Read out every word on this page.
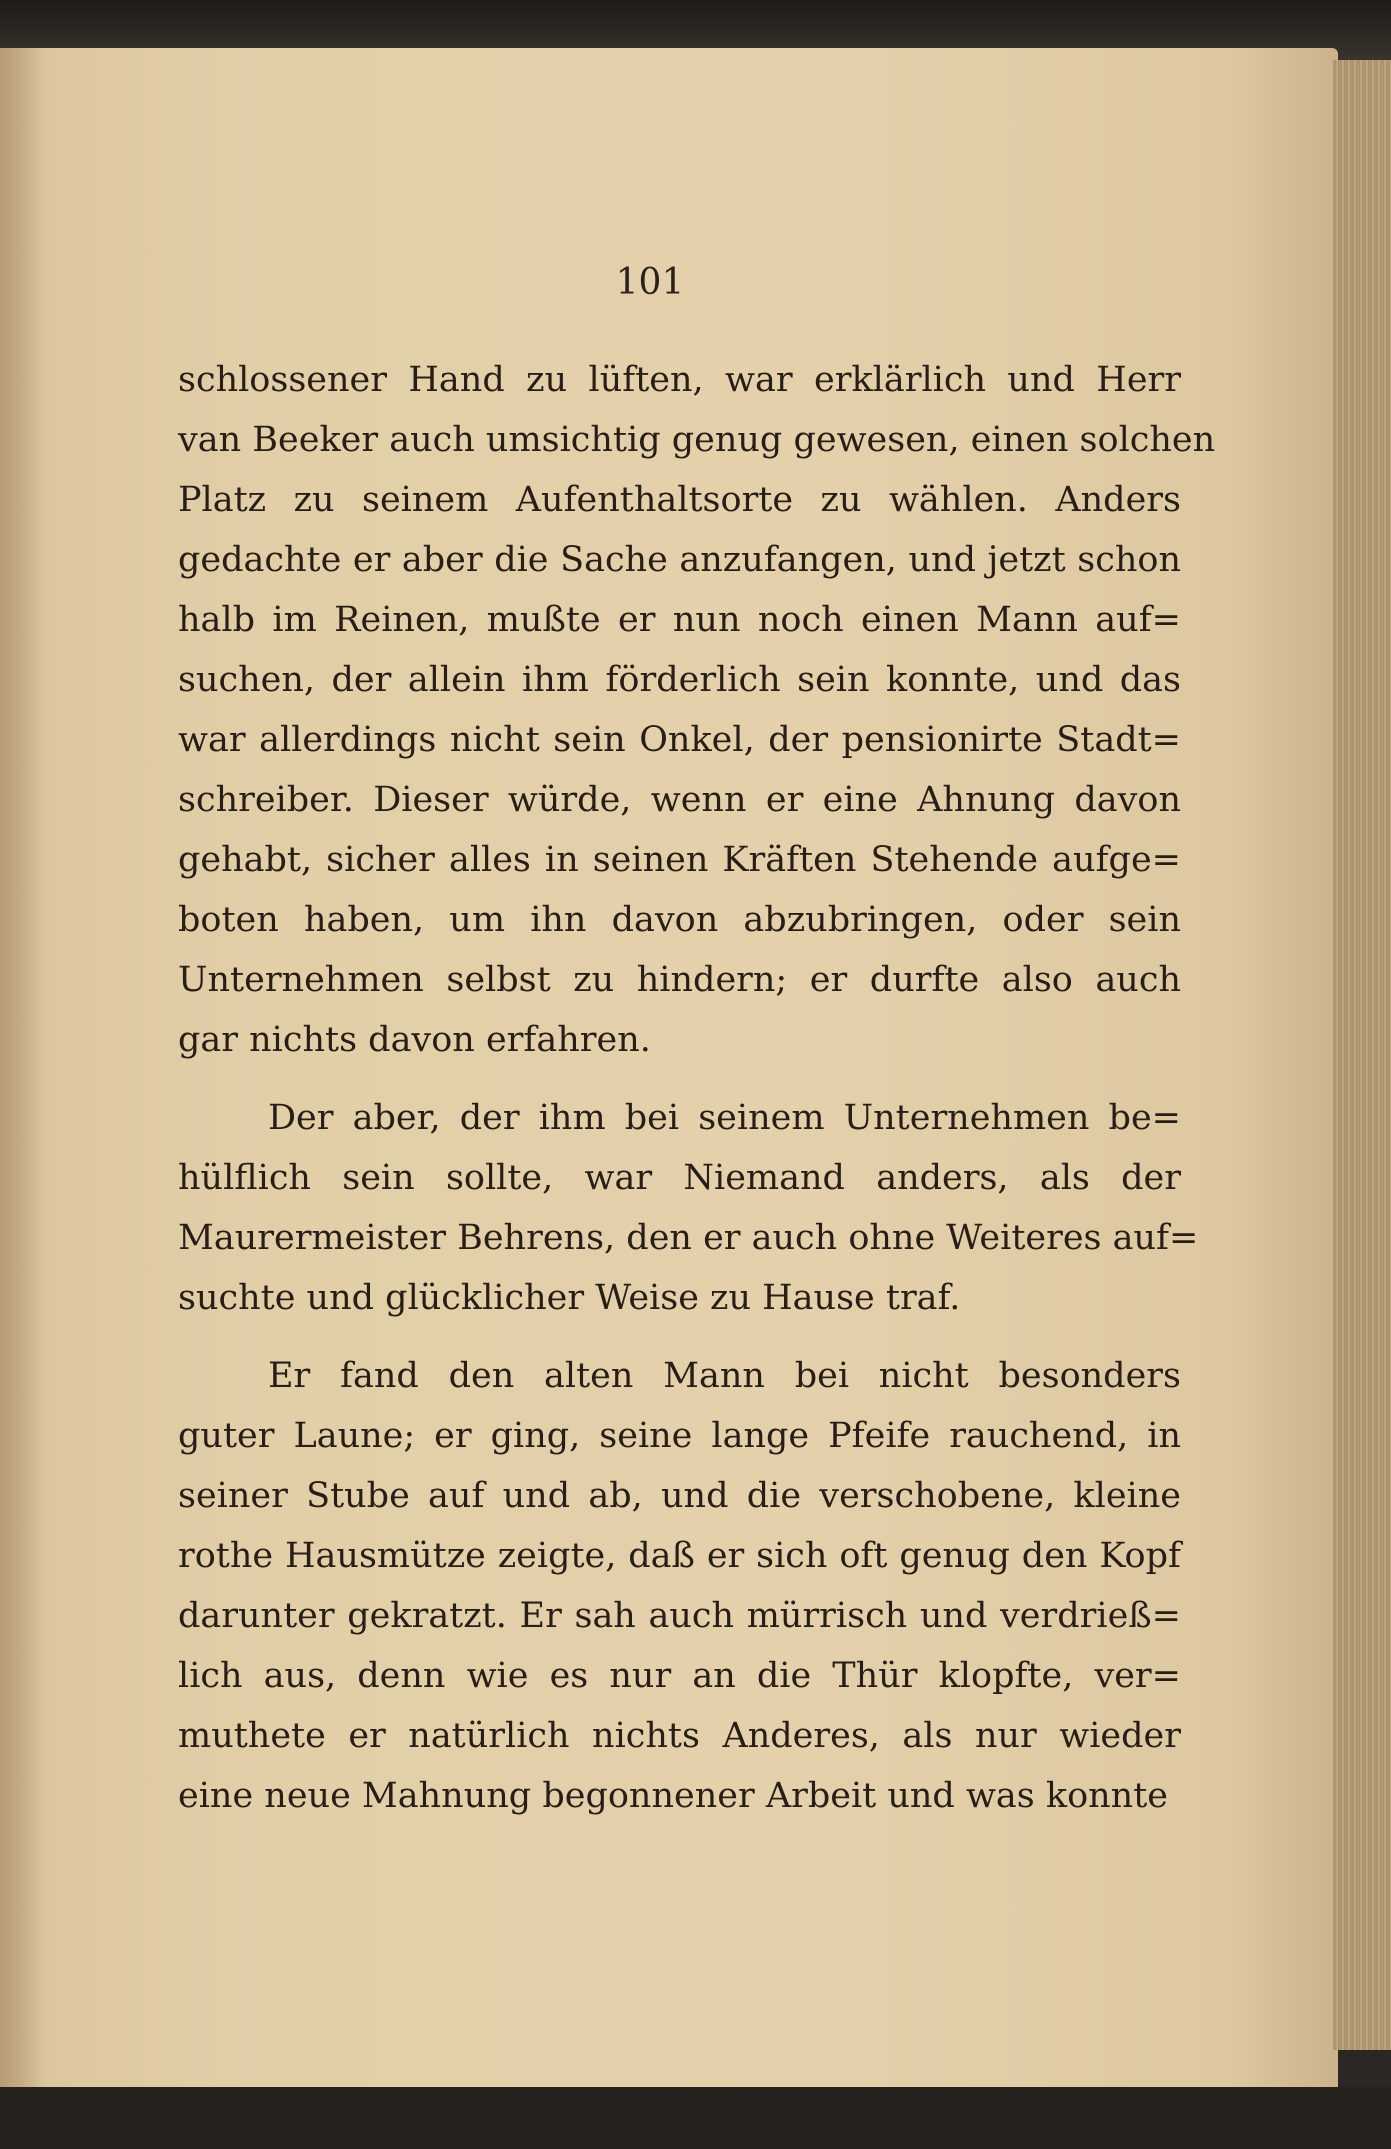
101
schlossener Hand zu lüften, war erklärlich und Herr
van Beeker auch umsichtig genug gewesen, einen solchen
Platz zu seinem Aufenthaltsorte zu wählen. Anders
gedachte er aber die Sache anzufangen, und jetzt schon
halb im Reinen, mußte er nun noch einen Mann auf=
suchen, der allein ihm förderlich sein konnte, und das
war allerdings nicht sein Onkel, der pensionirte Stadt=
schreiber. Dieser würde, wenn er eine Ahnung davon
gehabt, sicher alles in seinen Kräften Stehende aufge=
boten haben, um ihn davon abzubringen, oder sein
Unternehmen selbst zu hindern; er durfte also auch
gar nichts davon erfahren.
Der aber, der ihm bei seinem Unternehmen be=
hülflich sein sollte, war Niemand anders, als der
Maurermeister Behrens, den er auch ohne Weiteres auf=
suchte und glücklicher Weise zu Hause traf.
Er fand den alten Mann bei nicht besonders
guter Laune; er ging, seine lange Pfeife rauchend, in
seiner Stube auf und ab, und die verschobene, kleine
rothe Hausmütze zeigte, daß er sich oft genug den Kopf
darunter gekratzt. Er sah auch mürrisch und verdrieß=
lich aus, denn wie es nur an die Thür klopfte, ver=
muthete er natürlich nichts Anderes, als nur wieder
eine neue Mahnung begonnener Arbeit und was konnte
